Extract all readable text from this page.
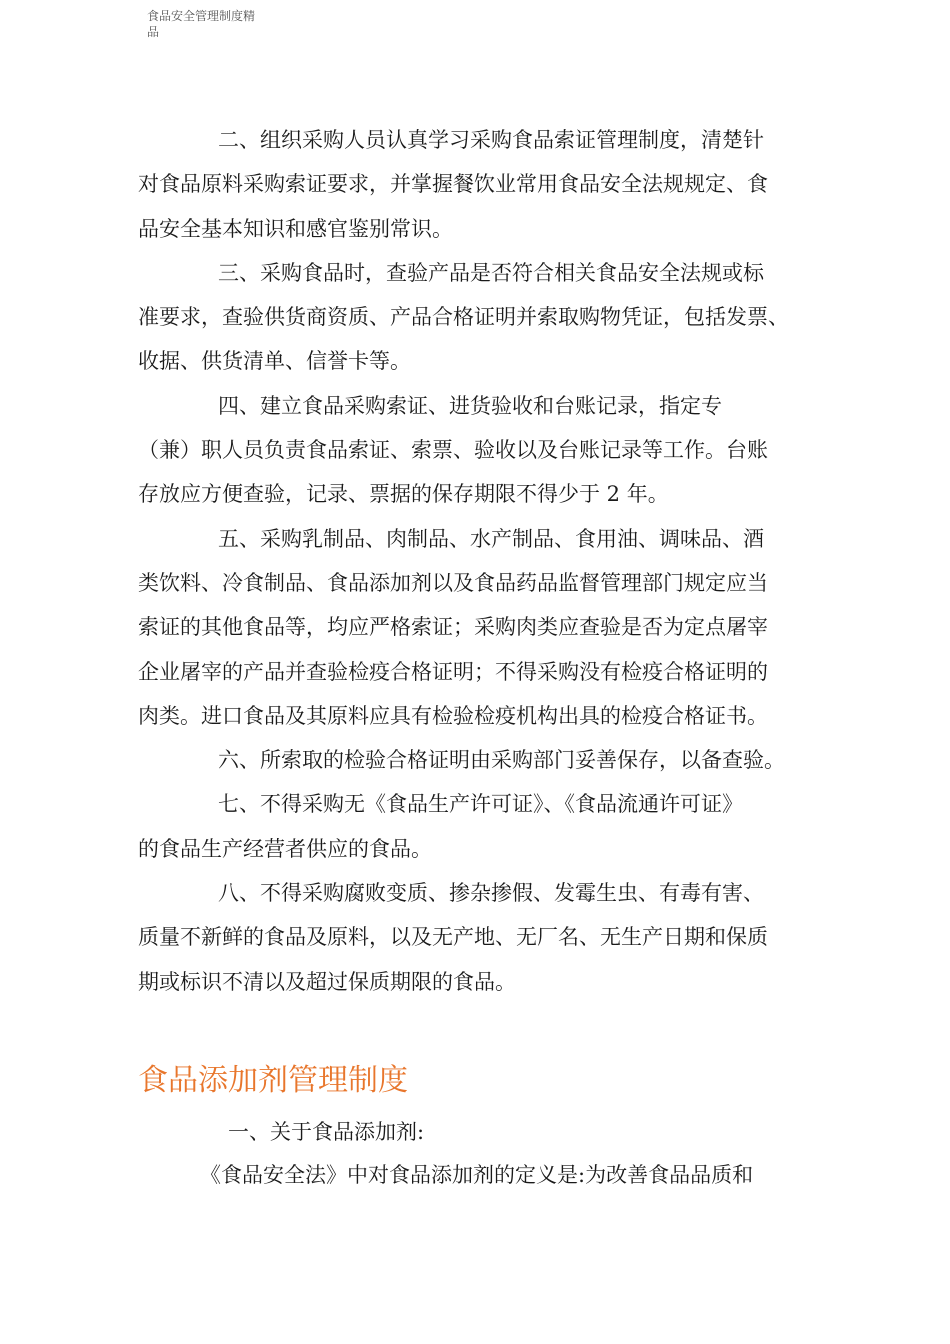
食品安全管理制度精
品

二、组织采购人员认真学习采购食品索证管理制度，清楚针

对食品原料采购索证要求，并掌握餐饮业常用食品安全法规规定、食

品安全基本知识和感官鉴别常识。

三、采购食品时，查验产品是否符合相关食品安全法规或标

准要求，查验供货商资质、产品合格证明并索取购物凭证，包括发票、

收据、供货清单、信誉卡等。

四、建立食品采购索证、进货验收和台账记录，指定专

（兼）职人员负责食品索证、索票、验收以及台账记录等工作。台账

存放应方便查验，记录、票据的保存期限不得少于 2 年。

五、采购乳制品、肉制品、水产制品、食用油、调味品、酒

类饮料、冷食制品、食品添加剂以及食品药品监督管理部门规定应当

索证的其他食品等，均应严格索证；采购肉类应查验是否为定点屠宰

企业屠宰的产品并查验检疫合格证明；不得采购没有检疫合格证明的

肉类。进口食品及其原料应具有检验检疫机构出具的检疫合格证书。

六、所索取的检验合格证明由采购部门妥善保存，以备查验。

七、不得采购无《食品生产许可证》、《食品流通许可证》

的食品生产经营者供应的食品。

八、不得采购腐败变质、掺杂掺假、发霉生虫、有毒有害、

质量不新鲜的食品及原料，以及无产地、无厂名、无生产日期和保质

期或标识不清以及超过保质期限的食品。

食品添加剂管理制度

一、关于食品添加剂:

《食品安全法》中对食品添加剂的定义是:为改善食品品质和
